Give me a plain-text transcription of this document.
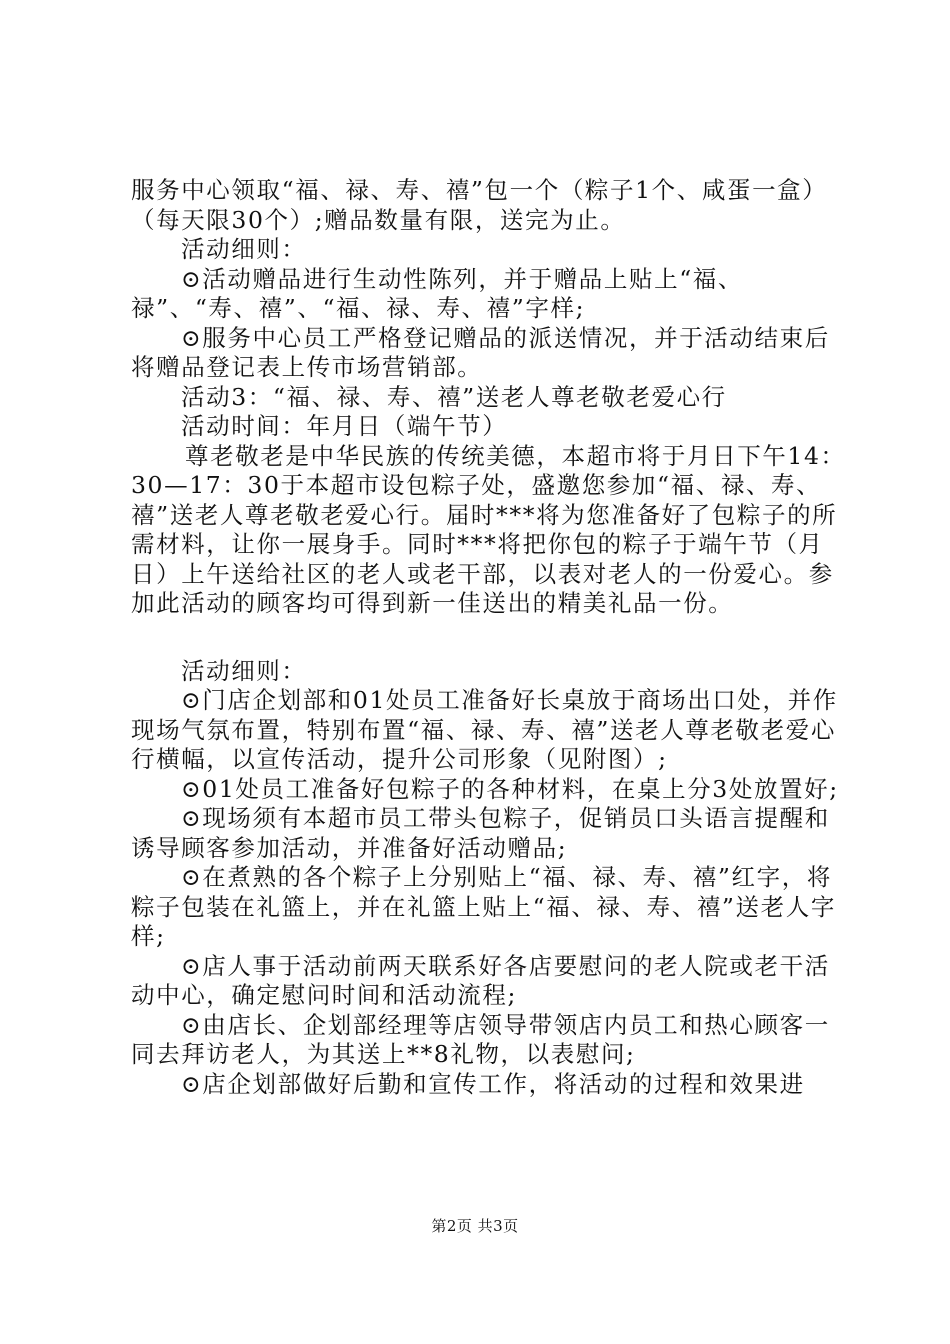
服务中心领取“福、禄、寿、禧”包一个（粽子1个、咸蛋一盒）（每天限30个）;赠品数量有限，送完为止。

活动细则：

⊙活动赠品进行生动性陈列，并于赠品上贴上“福、禄”、“寿、禧”、“福、禄、寿、禧”字样;

⊙服务中心员工严格登记赠品的派送情况，并于活动结束后将赠品登记表上传市场营销部。

活动3：“福、禄、寿、禧”送老人尊老敬老爱心行

活动时间：年月日（端午节）

尊老敬老是中华民族的传统美德，本超市将于月日下午14：30—17：30于本超市设包粽子处，盛邀您参加“福、禄、寿、禧”送老人尊老敬老爱心行。届时***将为您准备好了包粽子的所需材料，让你一展身手。同时***将把你包的粽子于端午节（月日）上午送给社区的老人或老干部，以表对老人的一份爱心。参加此活动的顾客均可得到新一佳送出的精美礼品一份。

活动细则：

⊙门店企划部和01处员工准备好长桌放于商场出口处，并作现场气氛布置，特别布置“福、禄、寿、禧”送老人尊老敬老爱心行横幅，以宣传活动，提升公司形象（见附图）;

⊙01处员工准备好包粽子的各种材料，在桌上分3处放置好;

⊙现场须有本超市员工带头包粽子，促销员口头语言提醒和诱导顾客参加活动，并准备好活动赠品;

⊙在煮熟的各个粽子上分别贴上“福、禄、寿、禧”红字，将粽子包装在礼篮上，并在礼篮上贴上“福、禄、寿、禧”送老人字样;

⊙店人事于活动前两天联系好各店要慰问的老人院或老干活动中心，确定慰问时间和活动流程;

⊙由店长、企划部经理等店领导带领店内员工和热心顾客一同去拜访老人，为其送上**8礼物，以表慰问;

⊙店企划部做好后勤和宣传工作，将活动的过程和效果进

第2页 共3页
